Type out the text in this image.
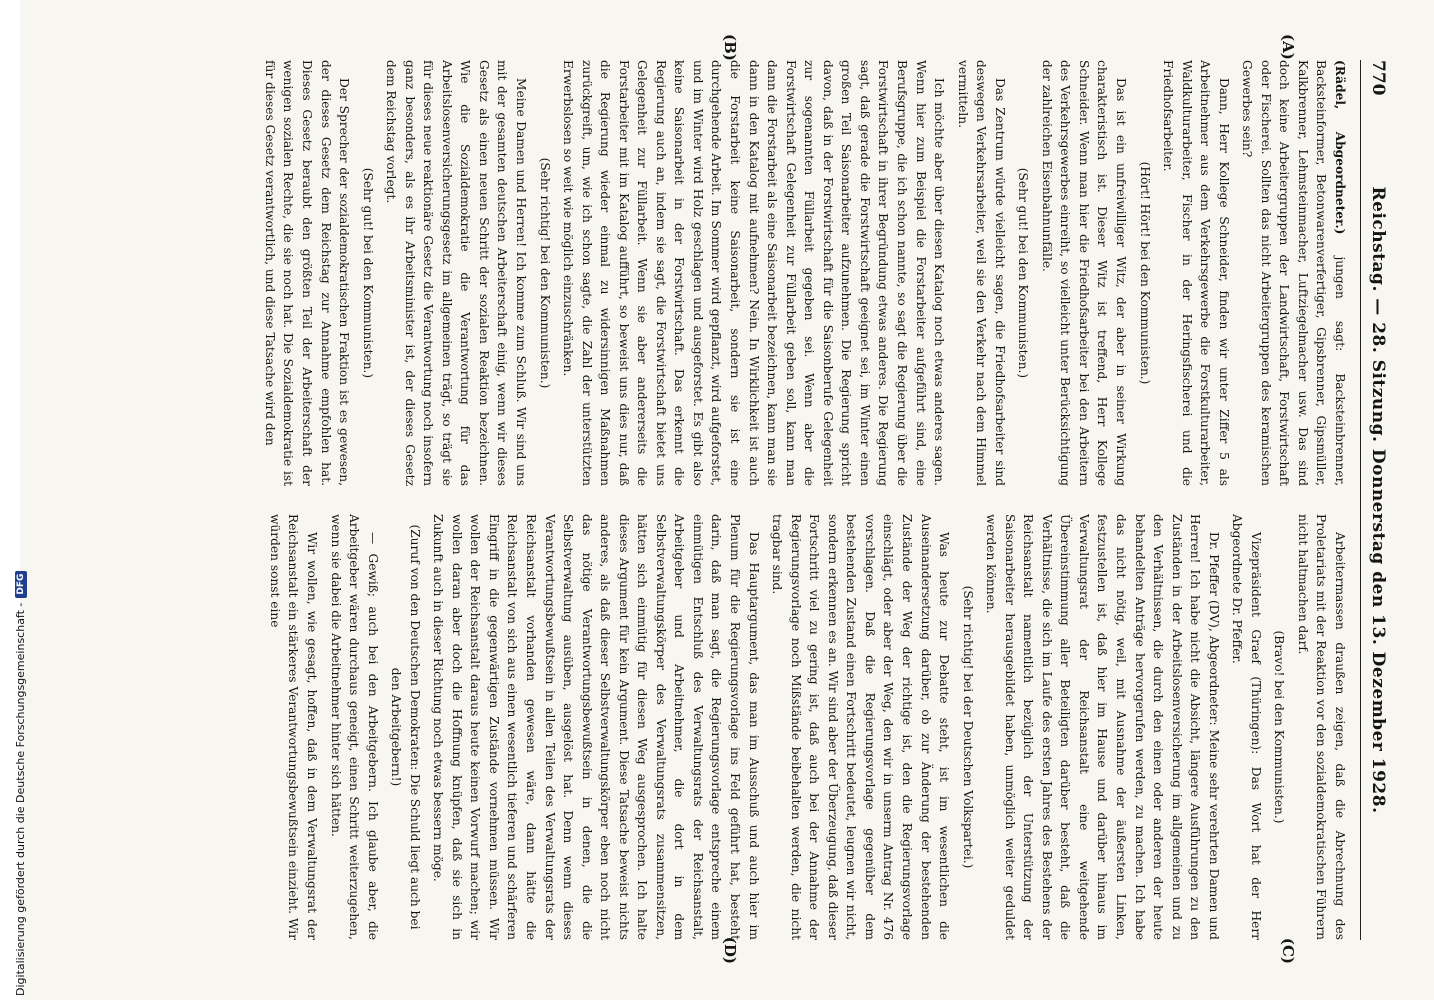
770
Reichstag. — 28. Sitzung. Donnerstag den 13. Dezember 1928.
(A)
(B)

(Rädel, Abgeordneter.) jungen sagt: Backsteinbrenner, Backsteinformer, Betonwarenverfertiger, Gipsbrenner, Gipsmüller, Kalkbrenner, Lehmsteinmacher, Luftziegelmacher usw. Das sind doch keine Arbeitergruppen der Landwirtschaft, Forstwirtschaft oder Fischerei. Sollten das nicht Arbeitergruppen des keramischen Gewerbes sein?

Dann, Herr Kollege Schneider, finden wir unter Ziffer 5 als Arbeitnehmer aus dem Verkehrsgewerbe die Forstkulturarbeiter, Waldkulturarbeiter, Fischer in der Heringsfischerei und die Friedhofsarbeiter.

(Hört! Hört! bei den Kommunisten.)

Das ist ein unfreiwilliger Witz, der aber in seiner Wirkung charakteristisch ist. Dieser Witz ist treffend, Herr Kollege Schneider. Wenn man hier die Friedhofsarbeiter bei den Arbeitern des Verkehrsgewerbes einreiht, so vielleicht unter Berücksichtigung der zahlreichen Eisenbahnunfälle.

(Sehr gut! bei den Kommunisten.)

Das Zentrum würde vielleicht sagen, die Friedhofsarbeiter sind deswegen Verkehrsarbeiter, weil sie den Verkehr nach dem Himmel vermitteln.

Ich möchte aber über diesen Katalog noch etwas anderes sagen. Wenn hier zum Beispiel die Forstarbeiter aufgeführt sind, eine Berufsgruppe, die ich schon nannte, so sagt die Regierung über die Forstwirtschaft in ihrer Begründung etwas anderes. Die Regierung sagt, daß gerade die Forstwirtschaft geeignet sei, im Winter einen großen Teil Saisonarbeiter aufzunehmen. Die Regierung spricht davon, daß in der Forstwirtschaft für die Saisonberufe Gelegenheit zur sogenannten Füllarbeit gegeben sei. Wenn aber die Forstwirtschaft Gelegenheit zur Füllarbeit geben soll, kann man dann die Forstarbeit als eine Saisonarbeit bezeichnen, kann man sie dann in den Katalog mit aufnehmen? Nein. In Wirklichkeit ist auch die Forstarbeit keine Saisonarbeit, sondern sie ist eine durchgehende Arbeit. Im Sommer wird gepflanzt, wird aufgeforstet, und im Winter wird Holz geschlagen und ausgeforstet. Es gibt also keine Saisonarbeit in der Forstwirtschaft. Das erkennt die Regierung auch an, indem sie sagt, die Forstwirtschaft bietet uns Gelegenheit zur Füllarbeit. Wenn sie aber andererseits die Forstarbeiter mit im Katalog aufführt, so beweist uns dies nur, daß die Regierung wieder einmal zu widersinnigen Maßnahmen zurückgreift, um, wie ich schon sagte, die Zahl der unterstützten Erwerbslosen so weit wie möglich einzuschränken.

(Sehr richtig! bei den Kommunisten.)

Meine Damen und Herren! Ich komme zum Schluß. Wir sind uns mit der gesamten deutschen Arbeiterschaft einig, wenn wir dieses Gesetz als einen neuen Schritt der sozialen Reaktion bezeichnen. Wie die Sozialdemokratie die Verantwortung für das Arbeitslosenversicherungsgesetz im allgemeinen trägt, so trägt sie für dieses neue reaktionäre Gesetz die Verantwortung noch insofern ganz besonders, als es ihr Arbeitsminister ist, der dieses Gesetz dem Reichstag vorlegt.

(Sehr gut! bei den Kommunisten.)

Der Sprecher der sozialdemokratischen Fraktion ist es gewesen, der dieses Gesetz dem Reichstag zur Annahme empfohlen hat. Dieses Gesetz beraubt den größten Teil der Arbeiterschaft der wenigen sozialen Rechte, die sie noch hat. Die Sozialdemokratie ist für dieses Gesetz verantwortlich, und diese Tatsache wird den

(C)
(D)

Arbeitermassen draußen zeigen, daß die Abrechnung des Proletariats mit der Reaktion vor den sozialdemokratischen Führern nicht haltmachen darf.

(Bravo! bei den Kommunisten.)

Vizepräsident Graef (Thüringen): Das Wort hat der Herr Abgeordnete Dr. Pfeffer.

Dr. Pfeffer (DV), Abgeordneter: Meine sehr verehrten Damen und Herren! Ich habe nicht die Absicht, längere Ausführungen zu den Zuständen in der Arbeitslosenversicherung im allgemeinen und zu den Verhältnissen, die durch den einen oder anderen der heute behandelten Anträge hervorgerufen werden, zu machen. Ich habe das nicht nötig, weil, mit Ausnahme der äußersten Linken, festzustellen ist, daß hier im Hause und darüber hinaus im Verwaltungsrat der Reichsanstalt eine weitgehende Übereinstimmung aller Beteiligten darüber besteht, daß die Verhältnisse, die sich im Laufe des ersten Jahres des Bestehens der Reichsanstalt namentlich bezüglich der Unterstützung der Saisonarbeiter herausgebildet haben, unmöglich weiter geduldet werden können.

(Sehr richtig! bei der Deutschen Volkspartei.)

Was heute zur Debatte steht, ist im wesentlichen die Auseinandersetzung darüber, ob zur Änderung der bestehenden Zustände der Weg der richtige ist, den die Regierungsvorlage einschlägt, oder aber der Weg, den wir in unserm Antrag Nr. 476 vorschlagen. Daß die Regierungsvorlage gegenüber dem bestehenden Zustand einen Fortschritt bedeutet, leugnen wir nicht, sondern erkennen es an. Wir sind aber der Überzeugung, daß dieser Fortschritt viel zu gering ist, daß auch bei der Annahme der Regierungsvorlage noch Mißstände beibehalten werden, die nicht tragbar sind.

Das Hauptargument, das man im Ausschuß und auch hier im Plenum für die Regierungsvorlage ins Feld geführt hat, besteht darin, daß man sagt, die Regierungsvorlage entspreche einem einmütigen Entschluß des Verwaltungsrats der Reichsanstalt, Arbeitgeber und Arbeitnehmer, die dort in dem Selbstverwaltungskörper des Verwaltungsrats zusammensitzen, hätten sich einmütig für diesen Weg ausgesprochen. Ich halte dieses Argument für kein Argument. Diese Tatsache beweist nichts anderes, als daß dieser Selbstverwaltungskörper eben noch nicht das nötige Verantwortungsbewußtsein in denen, die die Selbstverwaltung ausüben, ausgelöst hat. Denn wenn dieses Verantwortungsbewußtsein in allen Teilen des Verwaltungsrats der Reichsanstalt vorhanden gewesen wäre, dann hätte die Reichsanstalt von sich aus einen wesentlich tieferen und schärferen Eingriff in die gegenwärtigen Zustände vornehmen müssen. Wir wollen der Reichsanstalt daraus heute keinen Vorwurf machen; wir wollen daran aber doch die Hoffnung knüpfen, daß sie sich in Zukunft auch in dieser Richtung noch etwas bessern möge.

(Zuruf von den Deutschen Demokraten: Die Schuld liegt auch bei den Arbeitgebern!)

— Gewiß; auch bei den Arbeitgebern. Ich glaube aber, die Arbeitgeber wären durchaus geneigt, einen Schritt weiterzugehen, wenn sie dabei die Arbeitnehmer hinter sich hätten.

Wir wollen, wie gesagt, hoffen, daß in dem Verwaltungsrat der Reichsanstalt ein stärkeres Verantwortungsbewußtsein einzieht. Wir würden sonst eine

Digitalisierung gefördert durch die Deutsche Forschungsgemeinschaft -
DFG
